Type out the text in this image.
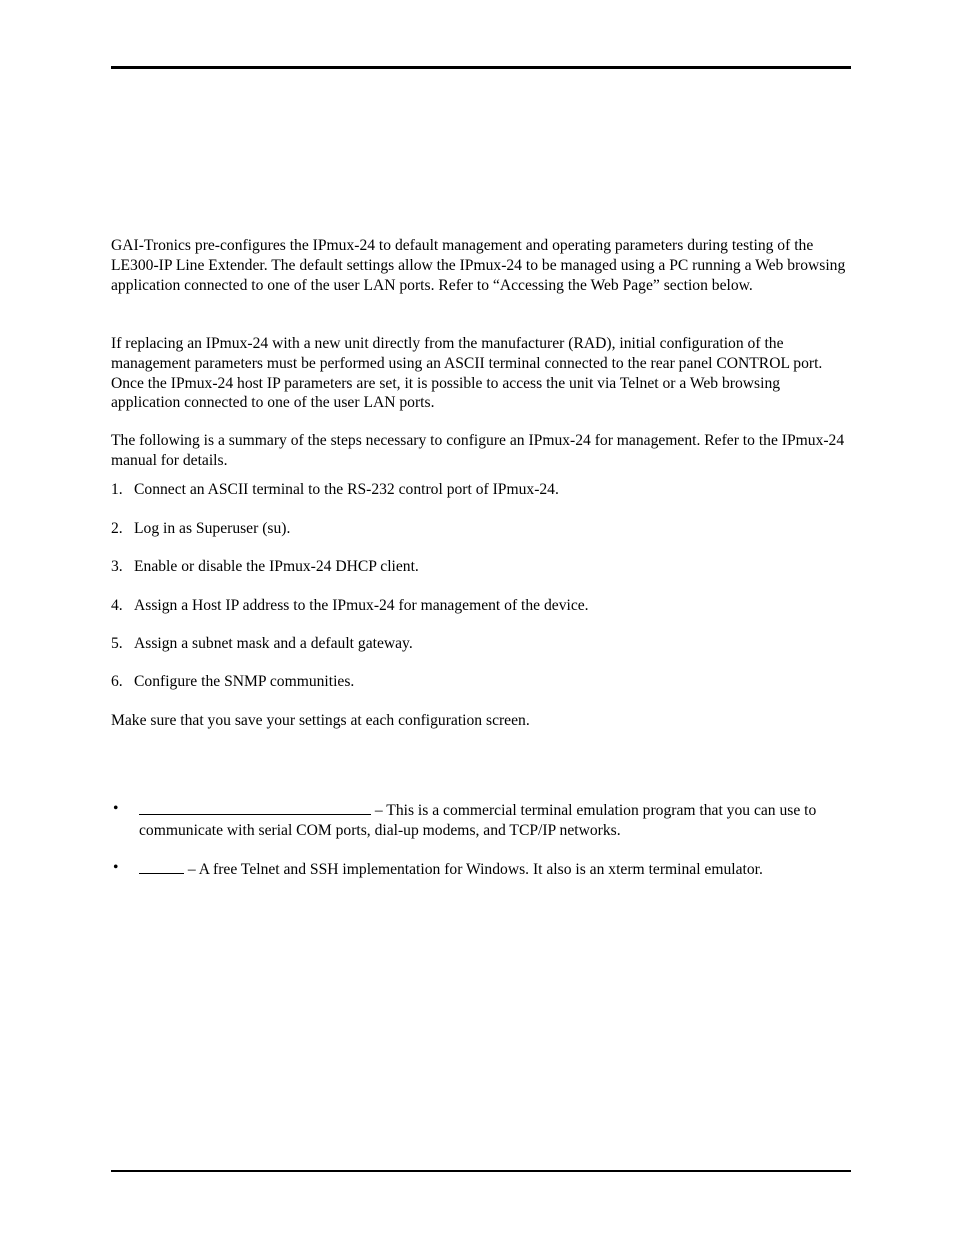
GAI-Tronics pre-configures the IPmux-24 to default management and operating parameters during testing of the LE300-IP Line Extender. The default settings allow the IPmux-24 to be managed using a PC running a Web browsing application connected to one of the user LAN ports. Refer to “Accessing the Web Page” section below.

If replacing an IPmux-24 with a new unit directly from the manufacturer (RAD), initial configuration of the management parameters must be performed using an ASCII terminal connected to the rear panel CONTROL port. Once the IPmux-24 host IP parameters are set, it is possible to access the unit via Telnet or a Web browsing application connected to one of the user LAN ports.

The following is a summary of the steps necessary to configure an IPmux-24 for management. Refer to the IPmux-24 manual for details.

1. Connect an ASCII terminal to the RS-232 control port of IPmux-24.
2. Log in as Superuser (su).
3. Enable or disable the IPmux-24 DHCP client.
4. Assign a Host IP address to the IPmux-24 for management of the device.
5. Assign a subnet mask and a default gateway.
6. Configure the SNMP communities.

Make sure that you save your settings at each configuration screen.

•	– This is a commercial terminal emulation program that you can use to communicate with serial COM ports, dial-up modems, and TCP/IP networks.
•	– A free Telnet and SSH implementation for Windows. It also is an xterm terminal emulator.
